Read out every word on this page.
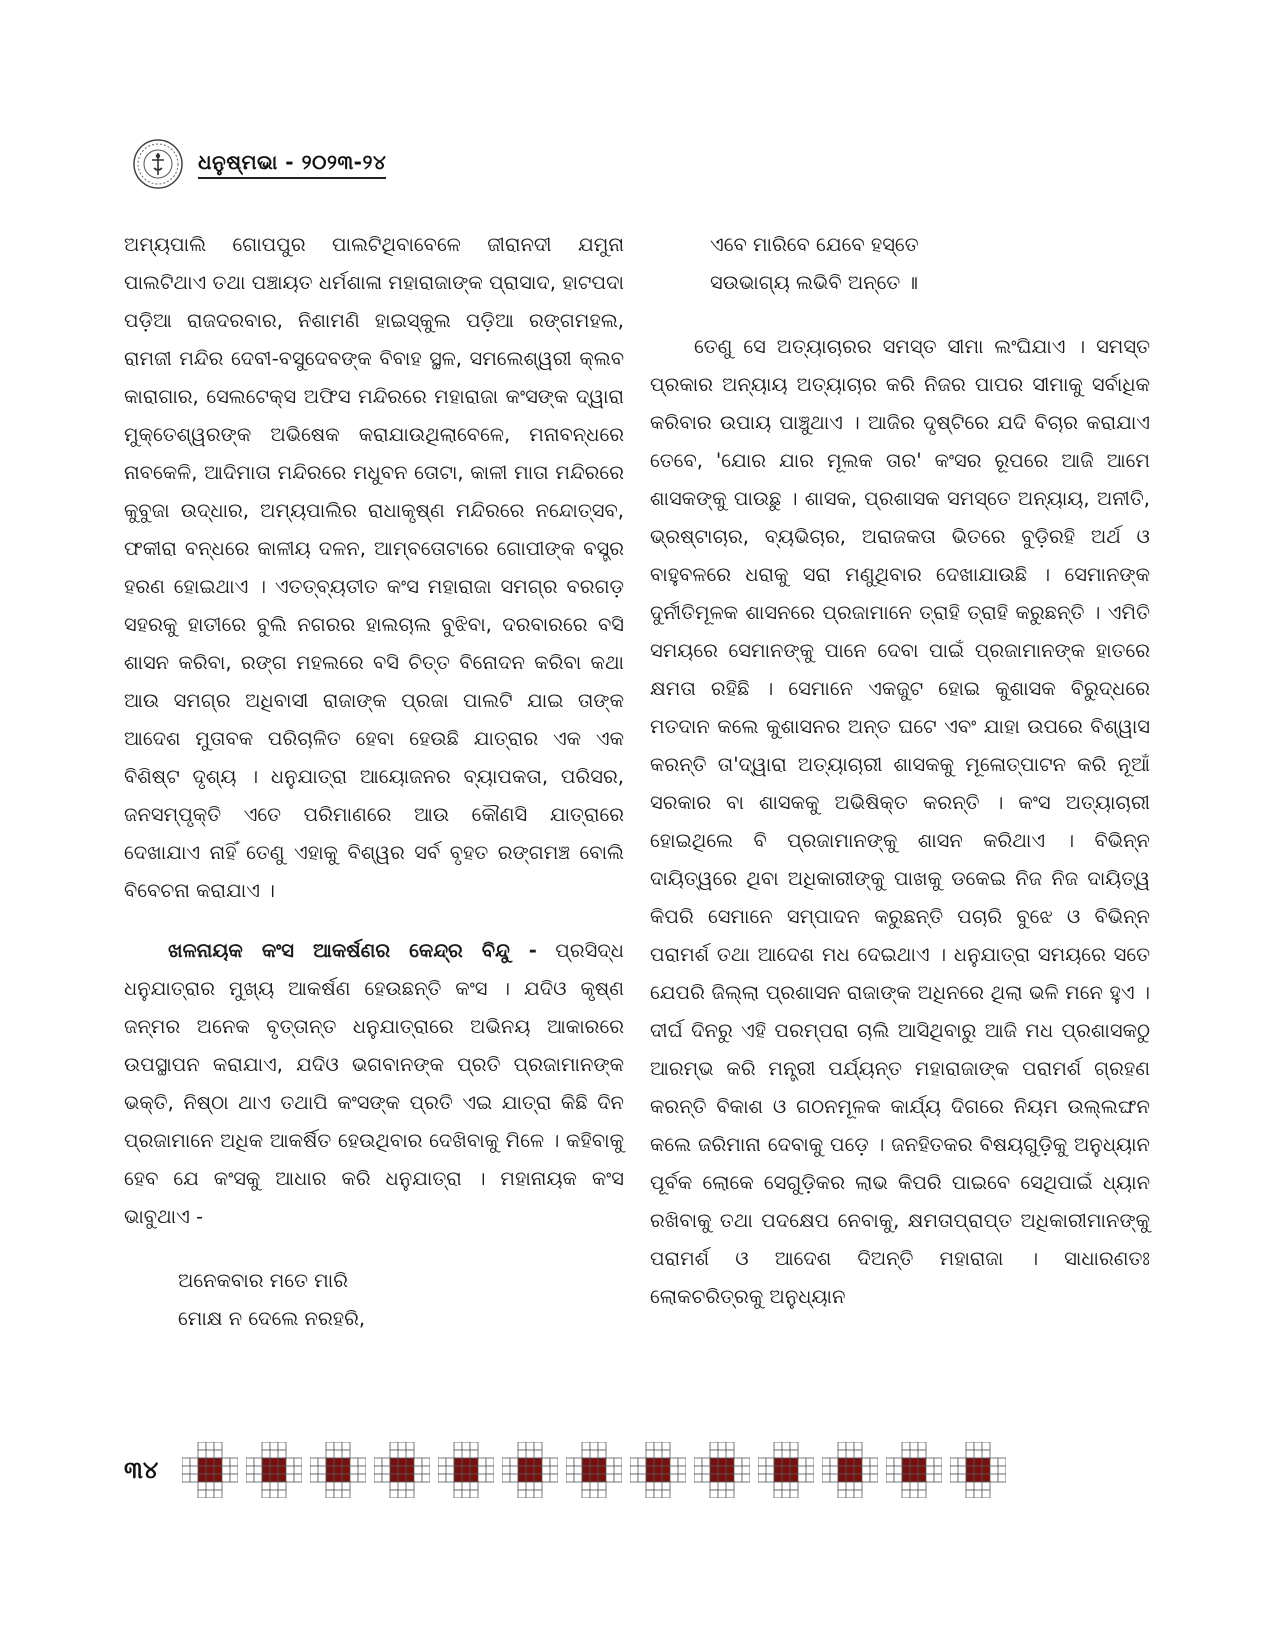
ଧନୁଷ୍ମଭା - ୨୦୨୩-୨୪

ଅମ୍ୟପାଲି ଗୋପପୁର ପାଲଟିଥିବାବେଳେ ଜୀରାନଦୀ ଯମୁନା ପାଲଟିଥାଏ ତଥା ପଞ୍ଚାୟତ ଧର୍ମଶାଳା ମହାରାଜାଙ୍କ ପ୍ରାସାଦ, ହାଟପଦା ପଡ଼ିଆ ରାଜଦରବାର, ନିଶାମଣି ହାଇସ୍କୁଲ ପଡ଼ିଆ ରଙ୍ଗମହଲ, ରାମଜୀ ମନ୍ଦିର ଦେବୀ-ବସୁଦେବଙ୍କ ବିବାହ ସ୍ଥଳ, ସମଲେଶ୍ୱରୀ କ୍ଲବ କାରାଗାର, ସେଲଟେକ୍ସ ଅଫିସ ମନ୍ଦିରରେ ମହାରାଜା କଂସଙ୍କ ଦ୍ୱାରା ମୁକ୍ତେଶ୍ୱରଙ୍କ ଅଭିଷେକ କରାଯାଉଥିଲାବେଳେ, ମନାବନ୍ଧରେ ନାବକେଳି, ଆଦିମାତା ମନ୍ଦିରରେ ମଧୁବନ ତୋଟା, କାଳୀ ମାତା ମନ୍ଦିରରେ କୁବୁଜା ଉଦ୍ଧାର, ଅମ୍ୟପାଲିର ରାଧାକୃଷ୍ଣ ମନ୍ଦିରରେ ନନ୍ଦୋତ୍ସବ, ଫକୀରା ବନ୍ଧରେ କାଳୀୟ ଦଳନ, ଆମ୍ବତୋଟାରେ ଗୋପୀଙ୍କ ବସ୍ତ୍ର ହରଣ ହୋଇଥାଏ । ଏତତ୍‌ବ୍ୟତୀତ କଂସ ମହାରାଜା ସମଗ୍ର ବରଗଡ଼ ସହରକୁ ହାତୀରେ ବୁଲି ନଗରର ହାଲଚାଲ ବୁଝିବା, ଦରବାରରେ ବସି ଶାସନ କରିବା, ରଙ୍ଗ ମହଲରେ ବସି ଚିତ୍ତ ବିନୋଦନ କରିବା କଥା ଆଉ ସମଗ୍ର ଅଧିବାସୀ ରାଜାଙ୍କ ପ୍ରଜା ପାଲଟି ଯାଇ ତାଙ୍କ ଆଦେଶ ମୁତାବକ ପରିଚାଳିତ ହେବା ହେଉଛି ଯାତ୍ରାର ଏକ ଏକ ବିଶିଷ୍ଟ ଦୃଶ୍ୟ । ଧନୁଯାତ୍ରା ଆୟୋଜନର ବ୍ୟାପକତା, ପରିସର, ଜନସମ୍ପୃକ୍ତି ଏତେ ପରିମାଣରେ ଆଉ କୌଣସି ଯାତ୍ରାରେ ଦେଖାଯାଏ ନାହିଁ ତେଣୁ ଏହାକୁ ବିଶ୍ୱର ସର୍ବ ବୃହତ ରଙ୍ଗମଞ୍ଚ ବୋଲି ବିବେଚନା କରାଯାଏ ।

ଖଳନାୟକ କଂସ ଆକର୍ଷଣର କେନ୍ଦ୍ର ବିନ୍ଦୁ - ପ୍ରସିଦ୍ଧ ଧନୁଯାତ୍ରାର ମୁଖ୍ୟ ଆକର୍ଷଣ ହେଉଛନ୍ତି କଂସ । ଯଦିଓ କୃଷ୍ଣ ଜନ୍ମର ଅନେକ ବୃତ୍ତାନ୍ତ ଧନୁଯାତ୍ରାରେ ଅଭିନୟ ଆକାରରେ ଉପସ୍ଥାପନ କରାଯାଏ, ଯଦିଓ ଭଗବାନଙ୍କ ପ୍ରତି ପ୍ରଜାମାନଙ୍କ ଭକ୍ତି, ନିଷ୍ଠା ଥାଏ ତଥାପି କଂସଙ୍କ ପ୍ରତି ଏଇ ଯାତ୍ରା କିଛି ଦିନ ପ୍ରଜାମାନେ ଅଧିକ ଆକର୍ଷିତ ହେଉଥିବାର ଦେଖିବାକୁ ମିଳେ । କହିବାକୁ ହେବ ଯେ କଂସକୁ ଆଧାର କରି ଧନୁଯାତ୍ରା । ମହାନାୟକ କଂସ ଭାବୁଥାଏ -

ଅନେକବାର ମତେ ମାରି
ମୋକ୍ଷ ନ ଦେଲେ ନରହରି,
ଏବେ ମାରିବେ ଯେବେ ହସ୍ତେ
ସଉଭାଗ୍ୟ ଲଭିବି ଅନ୍ତେ ॥

ତେଣୁ ସେ ଅତ୍ୟାଚାରର ସମସ୍ତ ସୀମା ଲଂଘିଯାଏ । ସମସ୍ତ ପ୍ରକାର ଅନ୍ୟାୟ ଅତ୍ୟାଚାର କରି ନିଜର ପାପର ସୀମାକୁ ସର୍ବାଧିକ କରିବାର ଉପାୟ ପାଞ୍ଚୁଥାଏ । ଆଜିର ଦୃଷ୍ଟିରେ ଯଦି ବିଚାର କରାଯାଏ ତେବେ, 'ଯୋର ଯାର ମୂଲକ ତାର' କଂସର ରୂପରେ ଆଜି ଆମେ ଶାସକଙ୍କୁ ପାଉଛୁ । ଶାସକ, ପ୍ରଶାସକ ସମସ୍ତେ ଅନ୍ୟାୟ, ଅନୀତି, ଭ୍ରଷ୍ଟାଚାର, ବ୍ୟଭିଚାର, ଅରାଜକତା ଭିତରେ ବୁଡ଼ିରହି ଅର୍ଥ ଓ ବାହୁବଳରେ ଧରାକୁ ସରା ମଣୁଥିବାର ଦେଖାଯାଉଛି । ସେମାନଙ୍କ ଦୁର୍ନୀତିମୂଳକ ଶାସନରେ ପ୍ରଜାମାନେ ତ୍ରାହି ତ୍ରାହି କରୁଛନ୍ତି । ଏମିତି ସମୟରେ ସେମାନଙ୍କୁ ପାନେ ଦେବା ପାଇଁ ପ୍ରଜାମାନଙ୍କ ହାତରେ କ୍ଷମତା ରହିଛି । ସେମାନେ ଏକଜୁଟ ହୋଇ କୁଶାସକ ବିରୁଦ୍ଧରେ ମତଦାନ କଲେ କୁଶାସନର ଅନ୍ତ ଘଟେ ଏବଂ ଯାହା ଉପରେ ବିଶ୍ୱାସ କରନ୍ତି ତା'ଦ୍ୱାରା ଅତ୍ୟାଚାରୀ ଶାସକକୁ ମୂଳୋତ୍ପାଟନ କରି ନୂଆଁ ସରକାର ବା ଶାସକକୁ ଅଭିଷିକ୍ତ କରନ୍ତି । କଂସ ଅତ୍ୟାଚାରୀ ହୋଇଥିଲେ ବି ପ୍ରଜାମାନଙ୍କୁ ଶାସନ କରିଥାଏ । ବିଭିନ୍ନ ଦାୟିତ୍ୱରେ ଥିବା ଅଧିକାରୀଙ୍କୁ ପାଖକୁ ଡକେଇ ନିଜ ନିଜ ଦାୟିତ୍ୱ କିପରି ସେମାନେ ସମ୍ପାଦନ କରୁଛନ୍ତି ପଚାରି ବୁଝେ ଓ ବିଭିନ୍ନ ପରାମର୍ଶ ତଥା ଆଦେଶ ମଧ ଦେଇଥାଏ । ଧନୁଯାତ୍ରା ସମୟରେ ସତେ ଯେପରି ଜିଲ୍ଲା ପ୍ରଶାସନ ରାଜାଙ୍କ ଅଧିନରେ ଥିଲା ଭଳି ମନେ ହୁଏ । ଦୀର୍ଘ ଦିନରୁ ଏହି ପରମ୍ପରା ଚାଲି ଆସିଥିବାରୁ ଆଜି ମଧ ପ୍ରଶାସକଠୁ ଆରମ୍ଭ କରି ମନ୍ତ୍ରୀ ପର୍ଯ୍ୟନ୍ତ ମହାରାଜାଙ୍କ ପରାମର୍ଶ ଗ୍ରହଣ କରନ୍ତି ବିକାଶ ଓ ଗଠନମୂଳକ କାର୍ଯ୍ୟ ଦିଗରେ ନିୟମ ଉଲ୍ଲଙ୍ଘନ କଲେ ଜରିମାନା ଦେବାକୁ ପଡ଼େ । ଜନହିତକର ବିଷୟଗୁଡ଼ିକୁ ଅନୁଧ୍ୟାନ ପୂର୍ବକ ଲୋକେ ସେଗୁଡ଼ିକର ଲାଭ କିପରି ପାଇବେ ସେଥିପାଇଁ ଧ୍ୟାନ ରଖିବାକୁ ତଥା ପଦକ୍ଷେପ ନେବାକୁ, କ୍ଷମତାପ୍ରାପ୍ତ ଅଧିକାରୀମାନଙ୍କୁ ପରାମର୍ଶ ଓ ଆଦେଶ ଦିଅନ୍ତି ମହାରାଜା । ସାଧାରଣତଃ ଲୋକଚରିତ୍ରକୁ ଅନୁଧ୍ୟାନ

୩୪
